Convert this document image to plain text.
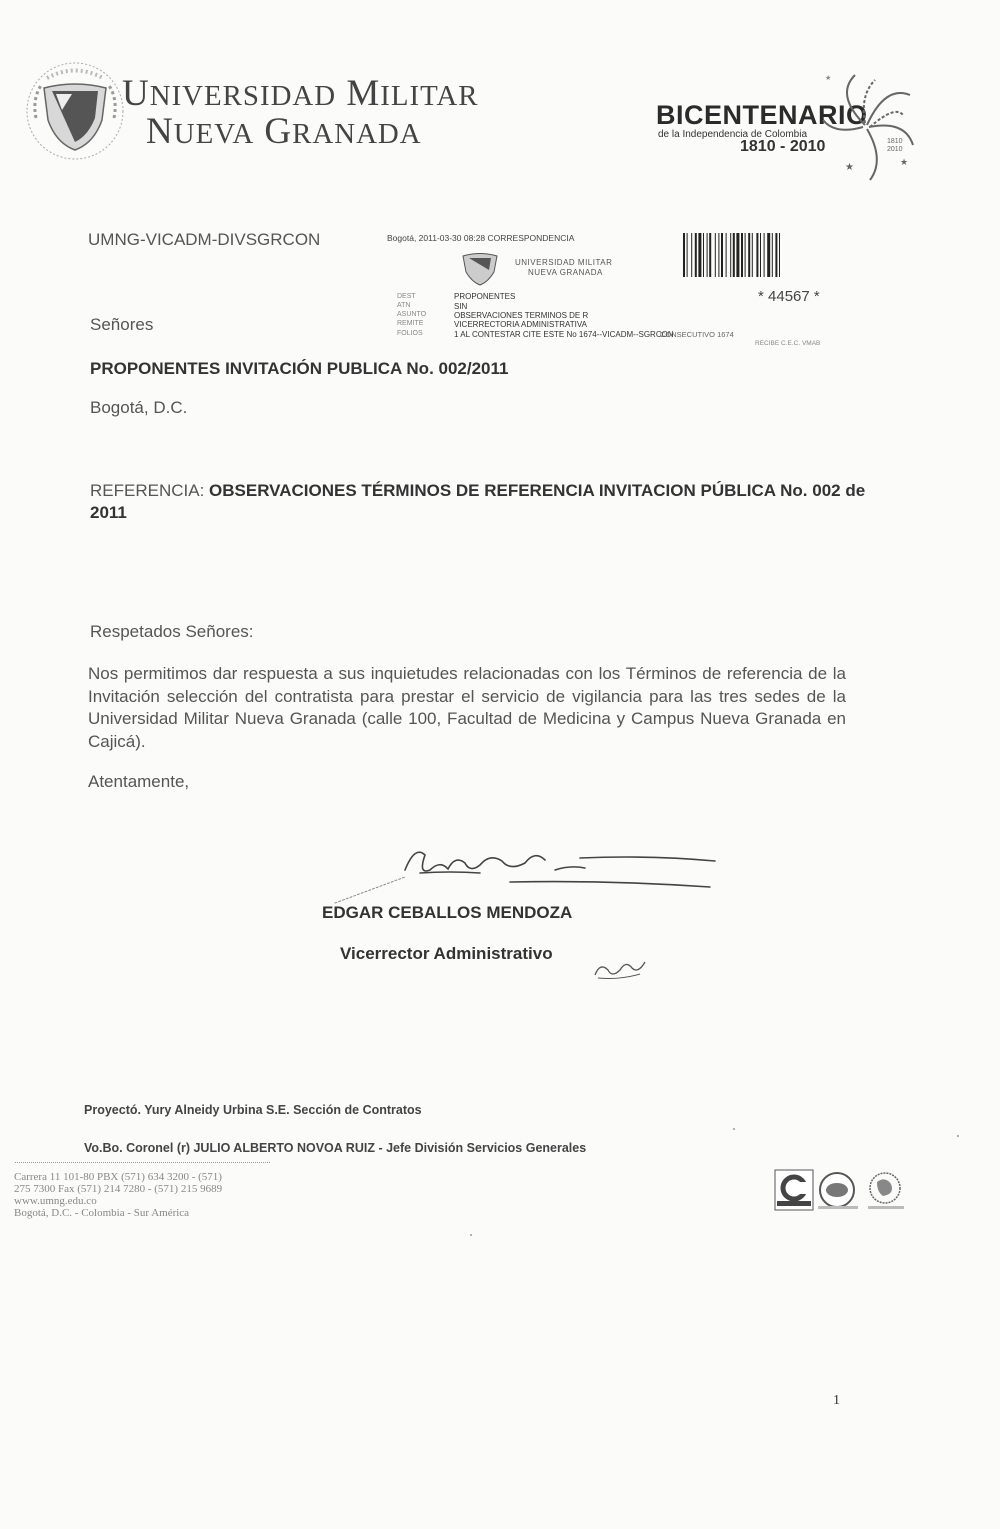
UNIVERSIDAD MILITAR
NUEVA GRANADA
BICENTENARIO
de la Independencia de Colombia
1810 - 2010	1810
2010
★	★
★
UMNG-VICADM-DIVSGRCON	Bogotá, 2011-03-30 08:28 CORRESPONDENCIA
UNIVERSIDAD MILITAR
NUEVA GRANADA
DEST	PROPONENTES
ATN	SIN
ASUNTO	OBSERVACIONES TERMINOS DE R
REMITE	VICERRECTORIA ADMINISTRATIVA
FOLIOS	1 AL CONTESTAR CITE ESTE No 1674--VICADM--SGRCON
CONSECUTIVO 1674
RECIBE C.E.C. VMAB
* 44567 *
Señores
PROPONENTES INVITACIÓN PUBLICA No. 002/2011
Bogotá, D.C.
REFERENCIA: OBSERVACIONES TÉRMINOS DE REFERENCIA INVITACION PÚBLICA No. 002 de 2011
Respetados Señores:
Nos permitimos dar respuesta a sus inquietudes relacionadas con los Términos de referencia de la Invitación selección del contratista para prestar el servicio de vigilancia para las tres sedes de la Universidad Militar Nueva Granada (calle 100, Facultad de Medicina y Campus Nueva Granada en Cajicá).
Atentamente,
EDGAR CEBALLOS MENDOZA
Vicerrector Administrativo
Proyectó. Yury Alneidy Urbina S.E. Sección de Contratos
Vo.Bo. Coronel (r) JULIO ALBERTO NOVOA RUIZ - Jefe División Servicios Generales
Carrera 11 101-80 PBX (571) 634 3200 - (571)
275 7300 Fax (571) 214 7280 - (571) 215 9689
www.umng.edu.co
Bogotá, D.C. - Colombia - Sur América
1
